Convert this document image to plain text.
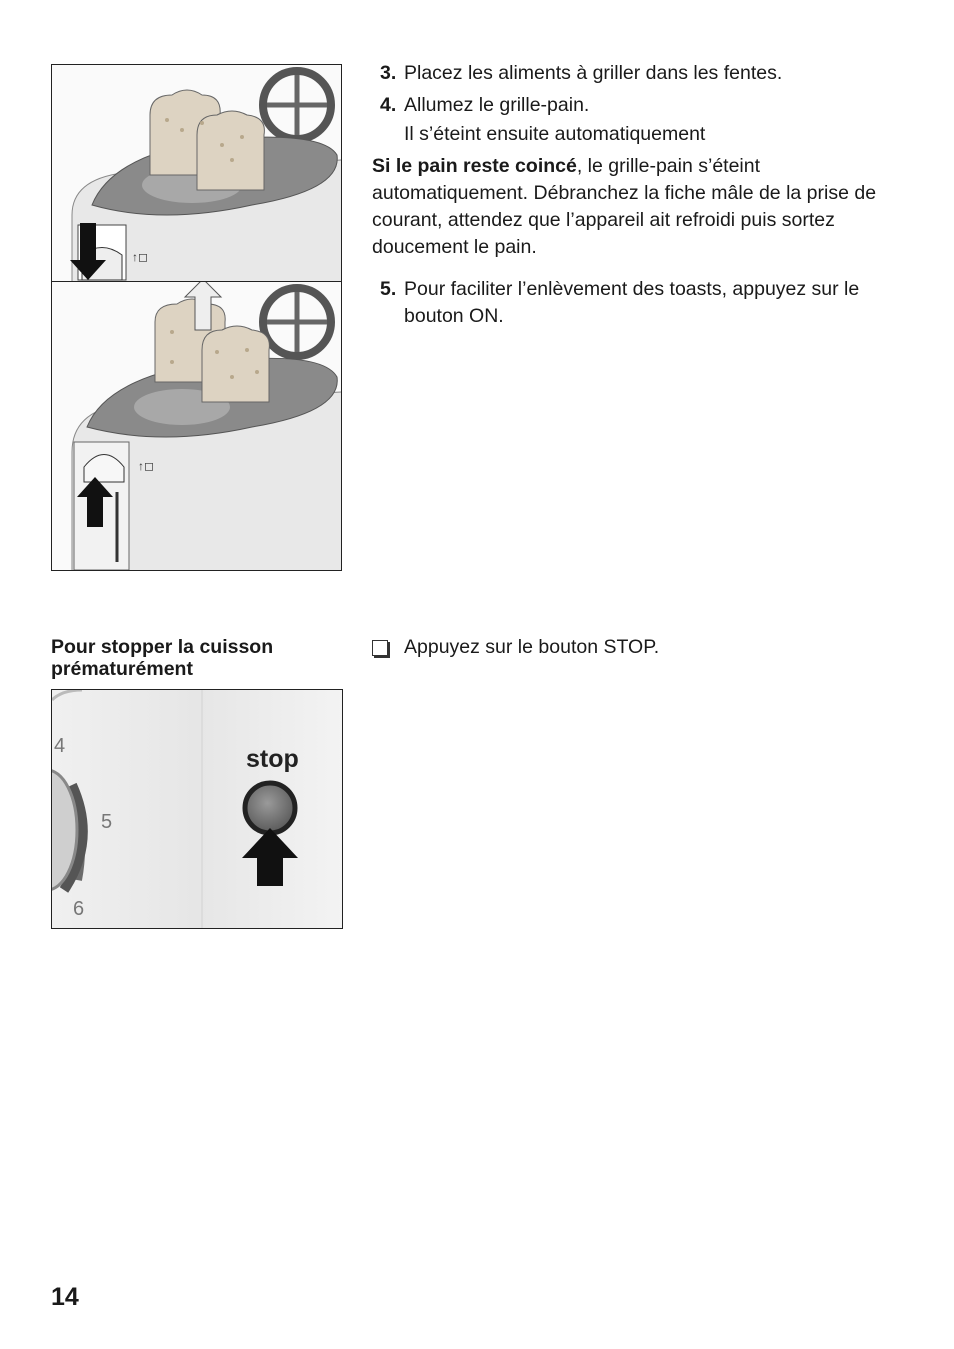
↑◻
↑◻
3. Placez les aliments à griller dans les fentes.
4. Allumez le grille-pain.
Il s’éteint ensuite automatiquement
Si le pain reste coincé, le grille-pain s’éteint automatiquement. Débranchez la fiche mâle de la prise de courant, attendez que l’appareil ait refroidi puis sortez doucement le pain.
5. Pour faciliter l’enlèvement des toasts, appuyez sur le bouton ON.
Pour stopper la cuisson prématurément
Appuyez sur le bouton STOP.
4
5
6
stop
14
